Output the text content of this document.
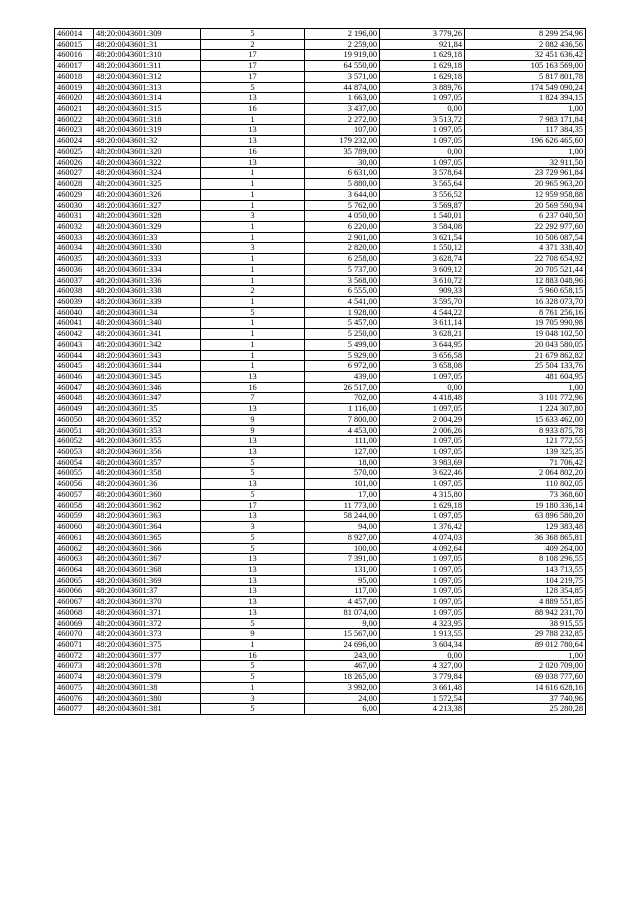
460014	48:20:0043601:309	5	2 196,00	3 779,26	8 299 254,96
460015	48:20:0043601:31	2	2 259,00	921,84	2 082 436,56
460016	48:20:0043601:310	17	19 919,00	1 629,18	32 451 636,42
460017	48:20:0043601:311	17	64 550,00	1 629,18	105 163 569,00
460018	48:20:0043601:312	17	3 571,00	1 629,18	5 817 801,78
460019	48:20:0043601:313	5	44 874,00	3 889,76	174 549 090,24
460020	48:20:0043601:314	13	1 663,00	1 097,05	1 824 394,15
460021	48:20:0043601:315	16	3 437,00	0,00	1,00
460022	48:20:0043601:318	1	2 272,00	3 513,72	7 983 171,84
460023	48:20:0043601:319	13	107,00	1 097,05	117 384,35
460024	48:20:0043601:32	13	179 232,00	1 097,05	196 626 465,60
460025	48:20:0043601:320	16	35 789,00	0,00	1,00
460026	48:20:0043601:322	13	30,00	1 097,05	32 911,50
460027	48:20:0043601:324	1	6 631,00	3 578,64	23 729 961,84
460028	48:20:0043601:325	1	5 880,00	3 565,64	20 965 963,20
460029	48:20:0043601:326	1	3 644,00	3 556,52	12 959 958,88
460030	48:20:0043601:327	1	5 762,00	3 569,87	20 569 590,94
460031	48:20:0043601:328	3	4 050,00	1 540,01	6 237 040,50
460032	48:20:0043601:329	1	6 220,00	3 584,08	22 292 977,60
460033	48:20:0043601:33	1	2 901,00	3 621,54	10 506 087,54
460034	48:20:0043601:330	3	2 820,00	1 550,12	4 371 338,40
460035	48:20:0043601:333	1	6 258,00	3 628,74	22 708 654,92
460036	48:20:0043601:334	1	5 737,00	3 609,12	20 705 521,44
460037	48:20:0043601:336	1	3 568,00	3 610,72	12 883 048,96
460038	48:20:0043601:338	2	6 555,00	909,33	5 960 658,15
460039	48:20:0043601:339	1	4 541,00	3 595,70	16 328 073,70
460040	48:20:0043601:34	5	1 928,00	4 544,22	8 761 256,16
460041	48:20:0043601:340	1	5 457,00	3 611,14	19 705 990,98
460042	48:20:0043601:341	1	5 250,00	3 628,21	19 048 102,50
460043	48:20:0043601:342	1	5 499,00	3 644,95	20 043 580,05
460044	48:20:0043601:343	1	5 929,00	3 656,58	21 679 862,82
460045	48:20:0043601:344	1	6 972,00	3 658,08	25 504 133,76
460046	48:20:0043601:345	13	439,00	1 097,05	481 604,95
460047	48:20:0043601:346	16	26 517,00	0,00	1,00
460048	48:20:0043601:347	7	702,00	4 418,48	3 101 772,96
460049	48:20:0043601:35	13	1 116,00	1 097,05	1 224 307,80
460050	48:20:0043601:352	9	7 800,00	2 004,29	15 633 462,00
460051	48:20:0043601:353	9	4 453,00	2 006,26	8 933 875,78
460052	48:20:0043601:355	13	111,00	1 097,05	121 772,55
460053	48:20:0043601:356	13	127,00	1 097,05	139 325,35
460054	48:20:0043601:357	5	18,00	3 983,69	71 706,42
460055	48:20:0043601:358	5	570,00	3 622,46	2 064 802,20
460056	48:20:0043601:36	13	101,00	1 097,05	110 802,05
460057	48:20:0043601:360	5	17,00	4 315,80	73 368,60
460058	48:20:0043601:362	17	11 773,00	1 629,18	19 180 336,14
460059	48:20:0043601:363	13	58 244,00	1 097,05	63 896 580,20
460060	48:20:0043601:364	3	94,00	1 376,42	129 383,48
460061	48:20:0043601:365	5	8 927,00	4 074,03	36 368 865,81
460062	48:20:0043601:366	5	100,00	4 092,64	409 264,00
460063	48:20:0043601:367	13	7 391,00	1 097,05	8 108 296,55
460064	48:20:0043601:368	13	131,00	1 097,05	143 713,55
460065	48:20:0043601:369	13	95,00	1 097,05	104 219,75
460066	48:20:0043601:37	13	117,00	1 097,05	128 354,85
460067	48:20:0043601:370	13	4 457,00	1 097,05	4 889 551,85
460068	48:20:0043601:371	13	81 074,00	1 097,05	88 942 231,70
460069	48:20:0043601:372	5	9,00	4 323,95	38 915,55
460070	48:20:0043601:373	9	15 567,00	1 913,55	29 788 232,85
460071	48:20:0043601:375	1	24 696,00	3 604,34	89 012 780,64
460072	48:20:0043601:377	16	243,00	0,00	1,00
460073	48:20:0043601:378	5	467,00	4 327,00	2 020 709,00
460074	48:20:0043601:379	5	18 265,00	3 779,84	69 038 777,60
460075	48:20:0043601:38	1	3 992,00	3 661,48	14 616 628,16
460076	48:20:0043601:380	3	24,00	1 572,54	37 740,96
460077	48:20:0043601:381	5	6,00	4 213,38	25 280,28
